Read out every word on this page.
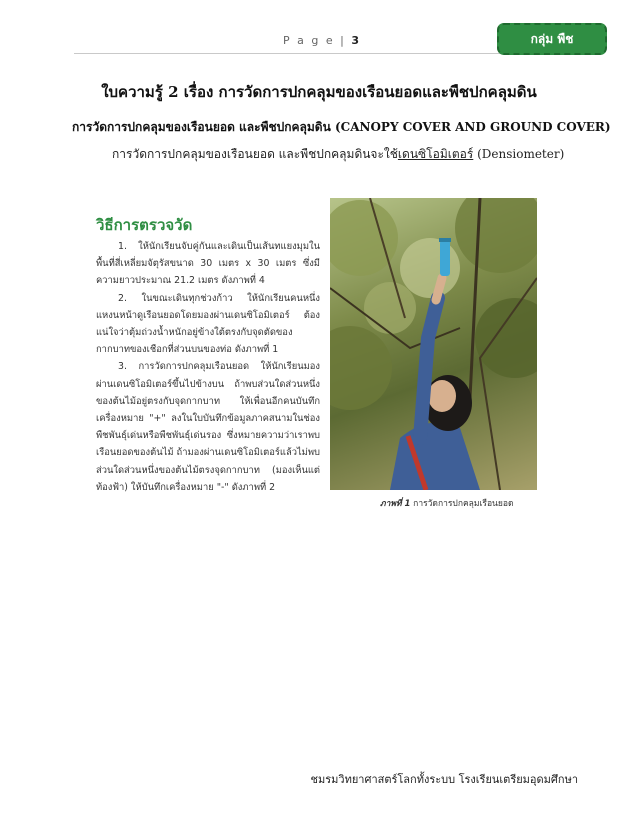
P a g e | 3	กลุ่ม พืช
ใบความรู้ 2 เรื่อง การวัดการปกคลุมของเรือนยอดและพืชปกคลุมดิน
การวัดการปกคลุมของเรือนยอด และพืชปกคลุมดิน (CANOPY COVER AND GROUND COVER)
การวัดการปกคลุมของเรือนยอด และพืชปกคลุมดินจะใช้เดนซิโอมิเตอร์ (Densiometer)
วิธีการตรวจวัด

1. ให้นักเรียนจับคู่กันและเดินเป็นเส้นทแยงมุมในพื้นที่สี่เหลี่ยมจัตุรัสขนาด 30 เมตร x 30 เมตร ซึ่งมีความยาวประมาณ 21.2 เมตร ดังภาพที่ 4

2. ในขณะเดินทุกช่วงก้าว ให้นักเรียนคนหนึ่งแหงนหน้าดูเรือนยอดโดยมองผ่านเดนซิโอมิเตอร์ ต้องแน่ใจว่าตุ้มถ่วงน้ำหนักอยู่ข้างใต้ตรงกับจุดตัดของกากบาทของเชือกที่ส่วนบนของท่อ ดังภาพที่ 1

3. การวัดการปกคลุมเรือนยอด ให้นักเรียนมองผ่านเดนซิโอมิเตอร์ขึ้นไปข้างบน ถ้าพบส่วนใดส่วนหนึ่งของต้นไม้อยู่ตรงกับจุดกากบาท ให้เพื่อนอีกคนบันทึกเครื่องหมาย "+" ลงในใบบันทึกข้อมูลภาคสนามในช่องพืชพันธุ์เด่นหรือพืชพันธุ์เด่นรอง ซึ่งหมายความว่าเราพบเรือนยอดของต้นไม้ ถ้ามองผ่านเดนซิโอมิเตอร์แล้วไม่พบส่วนใดส่วนหนึ่งของต้นไม้ตรงจุดกากบาท (มองเห็นแต่ท้องฟ้า) ให้บันทึกเครื่องหมาย "-" ดังภาพที่ 2

ภาพที่ 1 การวัดการปกคลุมเรือนยอด
ชมรมวิทยาศาสตร์โลกทั้งระบบ โรงเรียนเตรียมอุดมศึกษา
